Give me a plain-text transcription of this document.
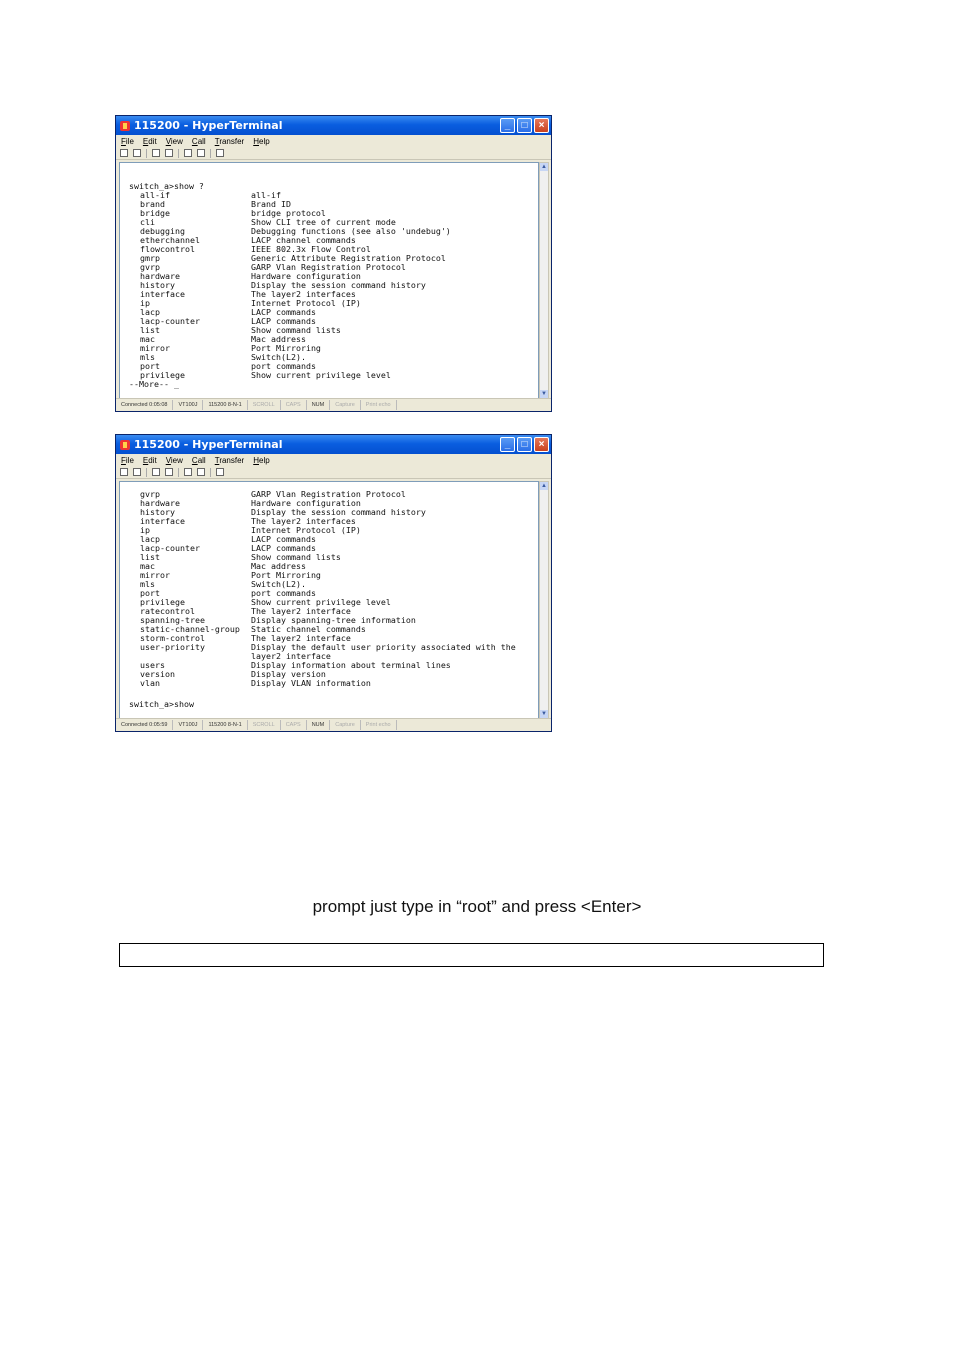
115200 - HyperTerminal	_	□	×
File Edit View Call Transfer Help
switch_a>show ?
all-if	all-if
brand	Brand ID
bridge	bridge protocol
cli	Show CLI tree of current mode
debugging	Debugging functions (see also 'undebug')
etherchannel	LACP channel commands
flowcontrol	IEEE 802.3x Flow Control
gmrp	Generic Attribute Registration Protocol
gvrp	GARP Vlan Registration Protocol
hardware	Hardware configuration
history	Display the session command history
interface	The layer2 interfaces
ip	Internet Protocol (IP)
lacp	LACP commands
lacp-counter	LACP commands
list	Show command lists
mac	Mac address
mirror	Port Mirroring
mls	Switch(L2).
port	port commands
privilege	Show current privilege level
--More-- _
▲
▼
Connected 0:05:08	VT100J	115200 8-N-1	SCROLL	CAPS	NUM	Capture	Print echo
115200 - HyperTerminal	_	□	×
File Edit View Call Transfer Help
gvrp	GARP Vlan Registration Protocol
hardware	Hardware configuration
history	Display the session command history
interface	The layer2 interfaces
ip	Internet Protocol (IP)
lacp	LACP commands
lacp-counter	LACP commands
list	Show command lists
mac	Mac address
mirror	Port Mirroring
mls	Switch(L2).
port	port commands
privilege	Show current privilege level
ratecontrol	The layer2 interface
spanning-tree	Display spanning-tree information
static-channel-group Static channel commands
storm-control	The layer2 interface
user-priority	Display the default user priority associated with the
layer2 interface
users	Display information about terminal lines
version	Display version
vlan	Display VLAN information
switch_a>show
▲
▼
Connected 0:05:59	VT100J	115200 8-N-1	SCROLL	CAPS	NUM	Capture	Print echo
prompt just type in “root” and press <Enter>
